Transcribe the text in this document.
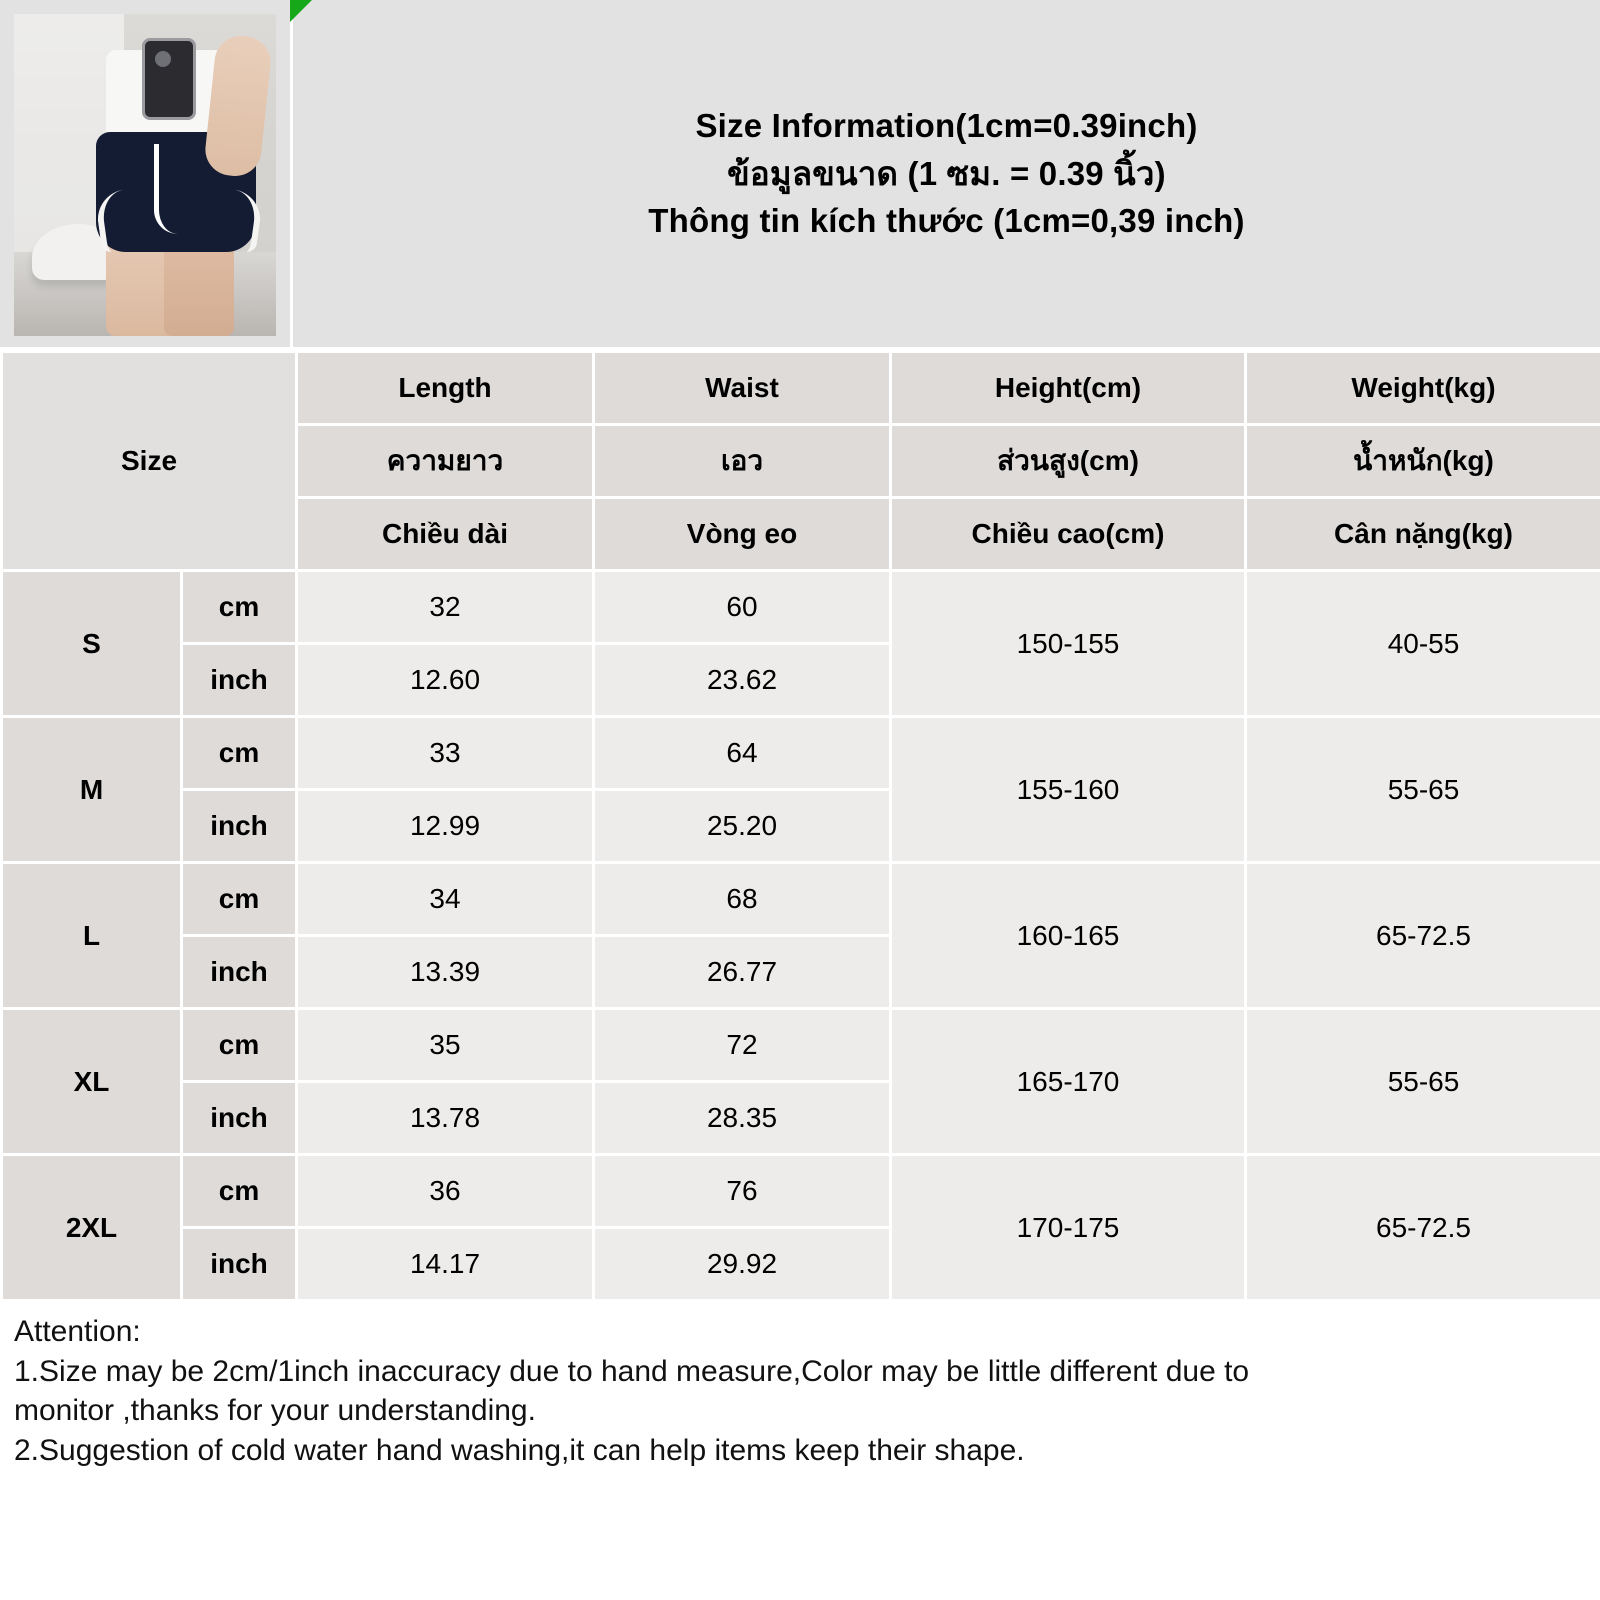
Size Information(1cm=0.39inch)
ข้อมูลขนาด (1 ซม. = 0.39 นิ้ว)
Thông tin kích thước (1cm=0,39 inch)
Size		Length	Waist	Height(cm)	Weight(kg)
		ความยาว	เอว	ส่วนสูง(cm)	น้ำหนัก(kg)
		Chiều dài	Vòng eo	Chiều cao(cm)	Cân nặng(kg)
S	cm	32	60	150-155	40-55
	inch	12.60	23.62		
M	cm	33	64	155-160	55-65
	inch	12.99	25.20		
L	cm	34	68	160-165	65-72.5
	inch	13.39	26.77		
XL	cm	35	72	165-170	55-65
	inch	13.78	28.35		
2XL	cm	36	76	170-175	65-72.5
	inch	14.17	29.92		
Attention:
1.Size may be 2cm/1inch inaccuracy due to hand measure,Color may be little different due to
monitor ,thanks for your understanding.
2.Suggestion of cold water hand washing,it can help items keep their shape.
